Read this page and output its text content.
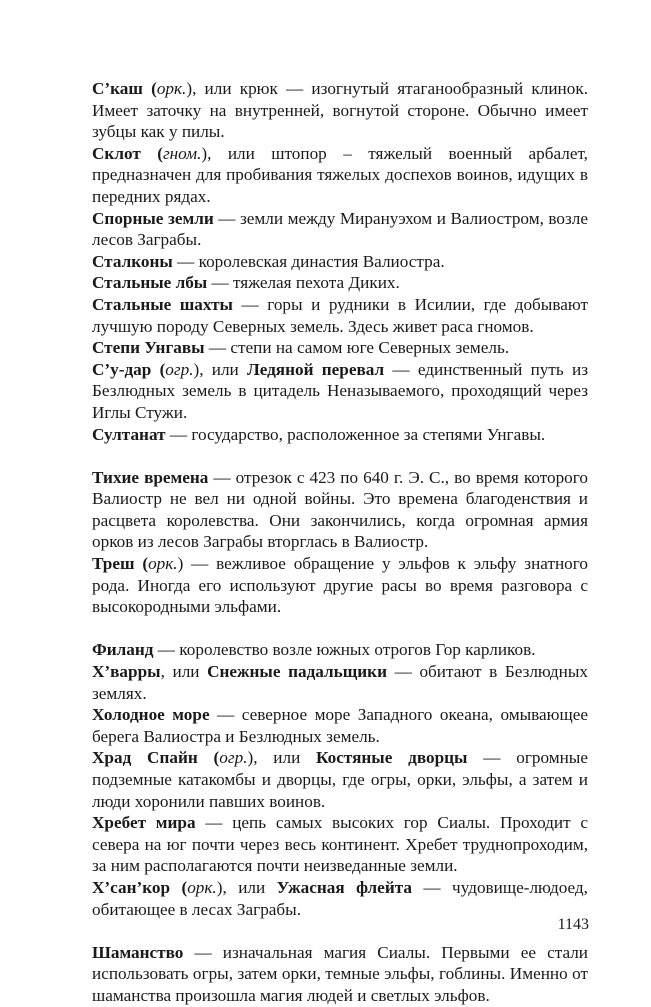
С’каш (орк.), или крюк — изогнутый ятаганообразный клинок. Имеет заточку на внутренней, вогнутой стороне. Обычно имеет зубцы как у пилы.

Склот (гном.), или штопор – тяжелый военный арбалет, предназначен для пробивания тяжелых доспехов воинов, идущих в передних рядах.

Спорные земли — земли между Мирануэхом и Валиостром, возле лесов Заграбы.

Сталконы — королевская династия Валиостра.

Стальные лбы — тяжелая пехота Диких.

Стальные шахты — горы и рудники в Исилии, где добывают лучшую породу Северных земель. Здесь живет раса гномов.

Степи Унгавы — степи на самом юге Северных земель.

С’у-дар (огр.), или Ледяной перевал — единственный путь из Безлюдных земель в цитадель Неназываемого, проходящий через Иглы Стужи.

Султанат — государство, расположенное за степями Унгавы.

Тихие времена — отрезок с 423 по 640 г. Э. С., во время которого Валиостр не вел ни одной войны. Это времена благоденствия и расцвета королевства. Они закончились, когда огромная армия орков из лесов Заграбы вторглась в Валиостр.

Треш (орк.) — вежливое обращение у эльфов к эльфу знатного рода. Иногда его используют другие расы во время разговора с высокородными эльфами.

Филанд — королевство возле южных отрогов Гор карликов.

Х’варры, или Снежные падальщики — обитают в Безлюдных землях.

Холодное море — северное море Западного океана, омывающее берега Валиостра и Безлюдных земель.

Храд Спайн (огр.), или Костяные дворцы — огромные подземные катакомбы и дворцы, где огры, орки, эльфы, а затем и люди хоронили павших воинов.

Хребет мира — цепь самых высоких гор Сиалы. Проходит с севера на юг почти через весь континент. Хребет труднопроходим, за ним располагаются почти неизведанные земли.

Х’сан’кор (орк.), или Ужасная флейта — чудовище-людоед, обитающее в лесах Заграбы.

Шаманство — изначальная магия Сиалы. Первыми ее стали использовать огры, затем орки, темные эльфы, гоблины. Именно от шаманства произошла магия людей и светлых эльфов.

1143
